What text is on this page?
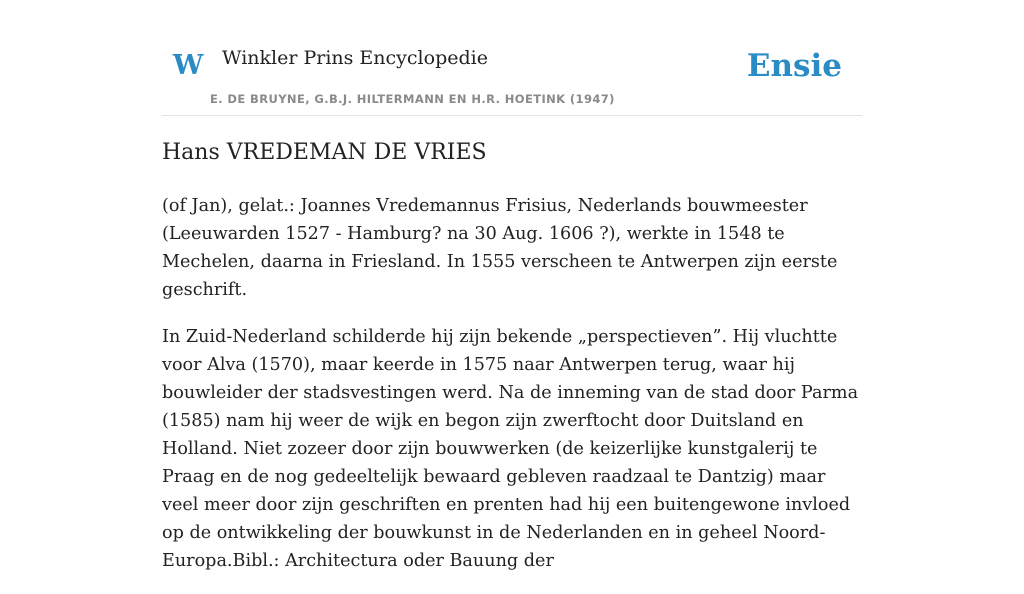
W Winkler Prins Encyclopedie
E. DE BRUYNE, G.B.J. HILTERMANN EN H.R. HOETINK (1947)
Ensie
Hans VREDEMAN DE VRIES

(of Jan), gelat.: Joannes Vredemannus Frisius, Nederlands bouwmeester (Leeuwarden 1527 - Hamburg? na 30 Aug. 1606 ?), werkte in 1548 te Mechelen, daarna in Friesland. In 1555 verscheen te Antwerpen zijn eerste geschrift.

In Zuid-Nederland schilderde hij zijn bekende „perspectieven”. Hij vluchtte voor Alva (1570), maar keerde in 1575 naar Antwerpen terug, waar hij bouwleider der stadsvestingen werd. Na de inneming van de stad door Parma (1585) nam hij weer de wijk en begon zijn zwerftocht door Duitsland en Holland. Niet zozeer door zijn bouwwerken (de keizerlijke kunstgalerij te Praag en de nog gedeeltelijk bewaard gebleven raadzaal te Dantzig) maar veel meer door zijn geschriften en prenten had hij een buitengewone invloed op de ontwikkeling der bouwkunst in de Nederlanden en in geheel Noord-Europa.Bibl.: Architectura oder Bauung der
